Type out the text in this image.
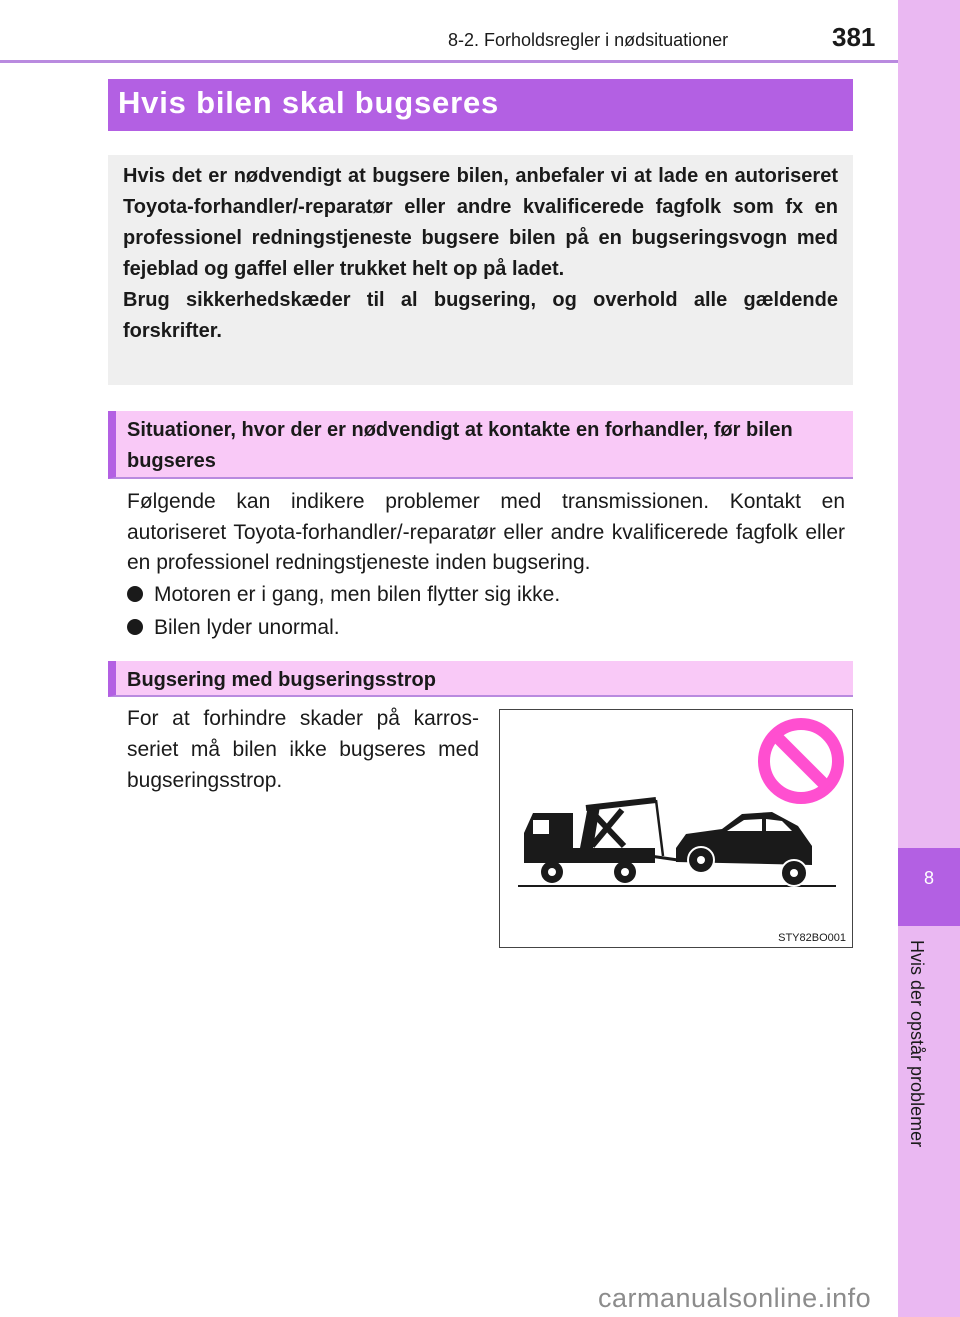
8-2. Forholdsregler i nødsituationer	381
8
Hvis der opstår problemer
Hvis bilen skal bugseres

Hvis det er nødvendigt at bugsere bilen, anbefaler vi at lade en autoriseret Toyota-forhandler/-reparatør eller andre kvalificerede fagfolk som fx en professionel redningstjeneste bugsere bilen på en bugseringsvogn med fejeblad og gaffel eller trukket helt op på ladet.

Brug sikkerhedskæder til al bugsering, og overhold alle gældende forskrifter.

Situationer, hvor der er nødvendigt at kontakte en forhandler, før bilen bugseres

Følgende kan indikere problemer med transmissionen. Kontakt en autoriseret Toyota-forhandler/-reparatør eller andre kvalificerede fagfolk eller en professionel redningstjeneste inden bugsering.

Motoren er i gang, men bilen flytter sig ikke.
Bilen lyder unormal.
Bugsering med bugseringsstrop

For at forhindre skader på karros-seriet må bilen ikke bugseres med bugseringsstrop.

STY82BO001
carmanualsonline.info
